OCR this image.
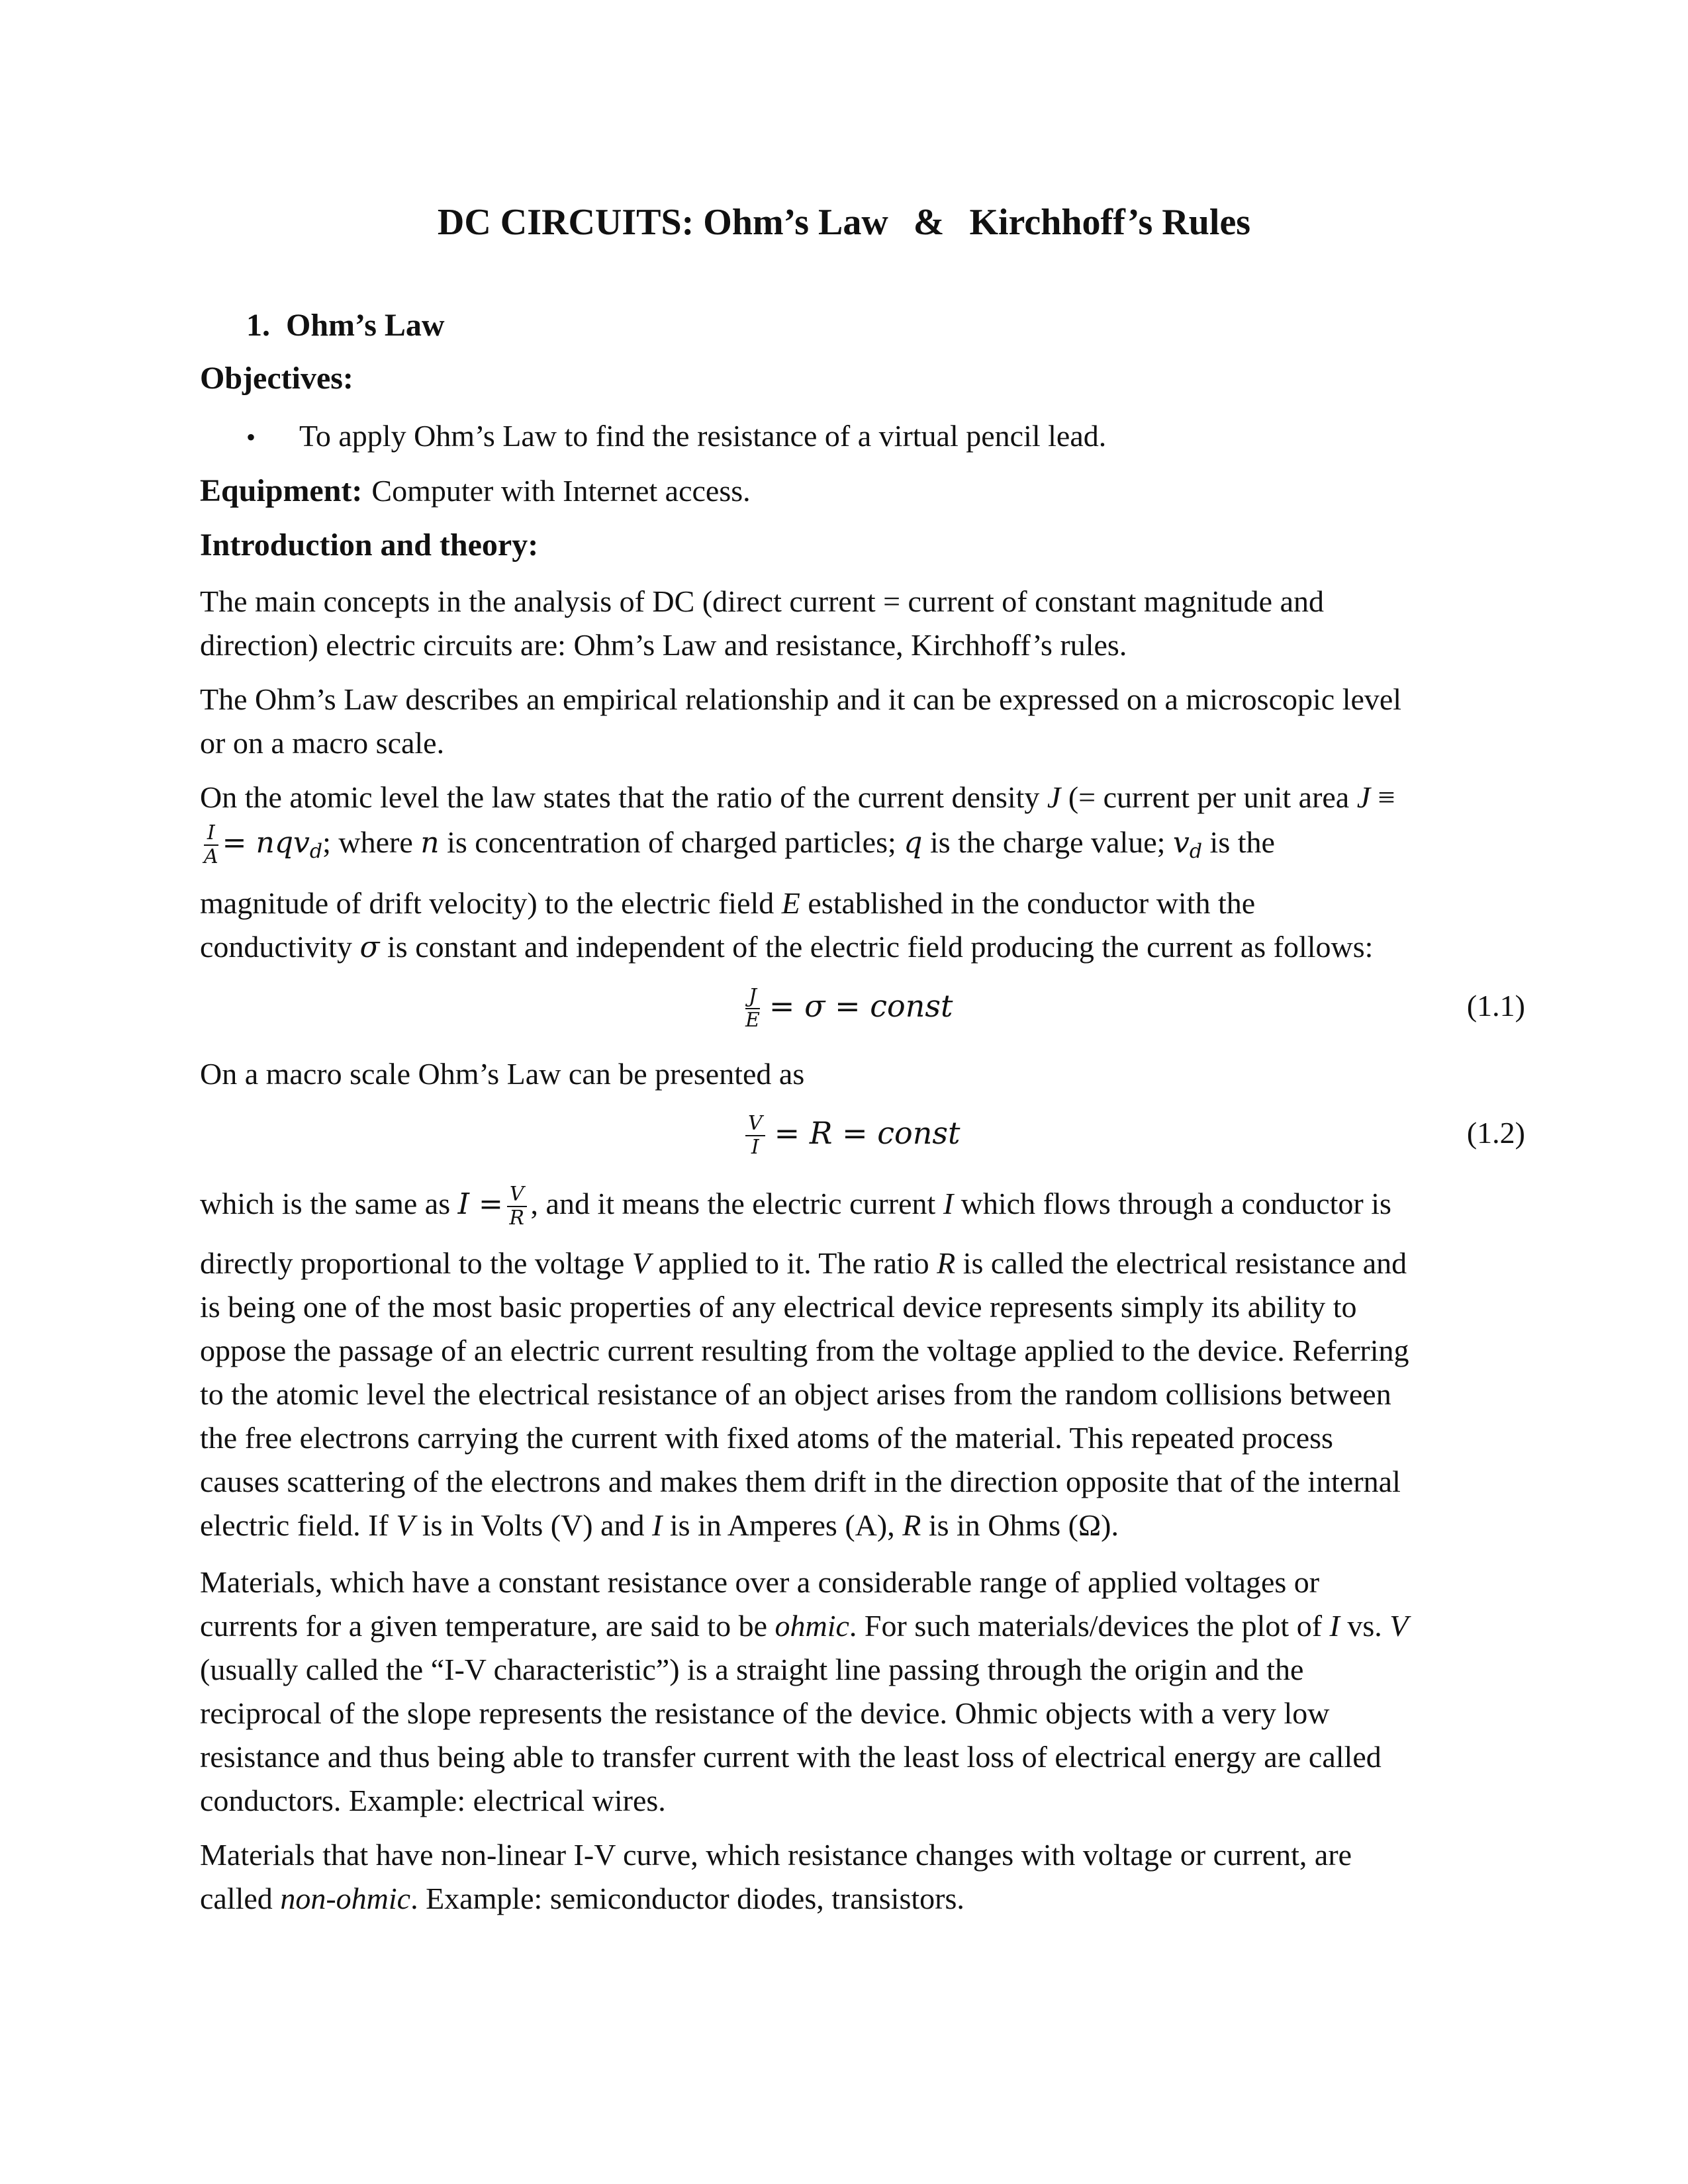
DC CIRCUITS: Ohm’s Law & Kirchhoff’s Rules
1. Ohm’s Law

Objectives:

• To apply Ohm’s Law to find the resistance of a virtual pencil lead.

Equipment: Computer with Internet access.

Introduction and theory:

The main concepts in the analysis of DC (direct current = current of constant magnitude and
direction) electric circuits are: Ohm’s Law and resistance, Kirchhoff’s rules.

The Ohm’s Law describes an empirical relationship and it can be expressed on a microscopic level
or on a macro scale.

On the atomic level the law states that the ratio of the current density J (= current per unit area J ≡

$\frac{I}{A} = nqv_d$; where n is concentration of charged particles; q is the charge value; $v_d$ is the

magnitude of drift velocity) to the electric field E established in the conductor with the
conductivity σ is constant and independent of the electric field producing the current as follows:

$\frac{J}{E} = \sigma$ = const	(1.1)

On a macro scale Ohm’s Law can be presented as

$\frac{V}{I} = R$ = const	(1.2)

which is the same as $I = \frac{V}{R}$ , and it means the electric current I which flows through a conductor is

directly proportional to the voltage V applied to it. The ratio R is called the electrical resistance and
is being one of the most basic properties of any electrical device represents simply its ability to
oppose the passage of an electric current resulting from the voltage applied to the device. Referring
to the atomic level the electrical resistance of an object arises from the random collisions between
the free electrons carrying the current with fixed atoms of the material. This repeated process
causes scattering of the electrons and makes them drift in the direction opposite that of the internal
electric field. If V is in Volts (V) and I is in Amperes (A), R is in Ohms (Ω).

Materials, which have a constant resistance over a considerable range of applied voltages or
currents for a given temperature, are said to be ohmic. For such materials/devices the plot of I vs. V
(usually called the “I-V characteristic”) is a straight line passing through the origin and the
reciprocal of the slope represents the resistance of the device. Ohmic objects with a very low
resistance and thus being able to transfer current with the least loss of electrical energy are called
conductors. Example: electrical wires.

Materials that have non-linear I-V curve, which resistance changes with voltage or current, are
called non-ohmic. Example: semiconductor diodes, transistors.
